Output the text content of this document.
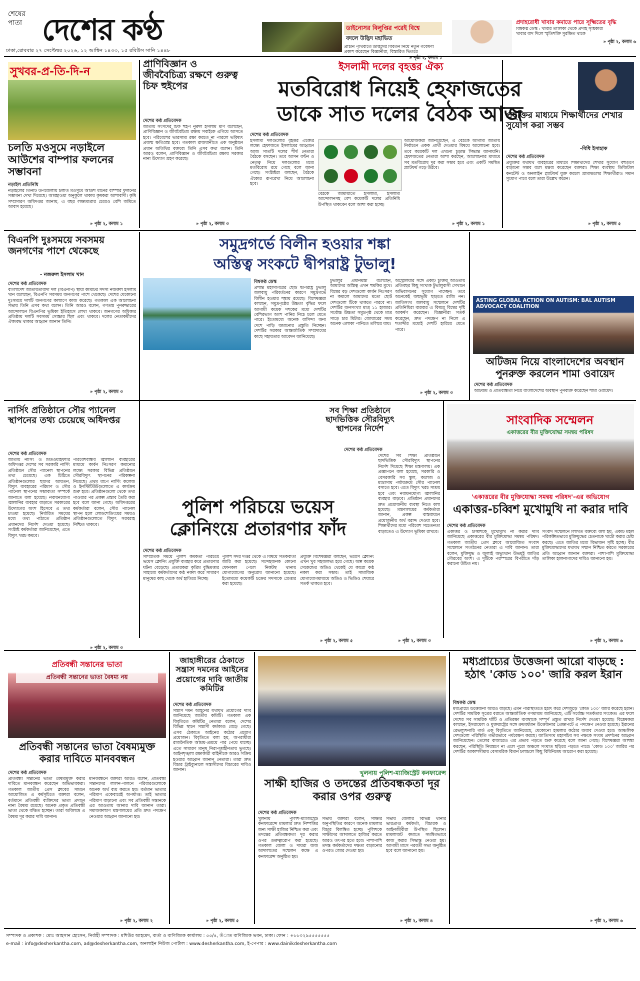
শেষের পাতা দেশের কণ্ঠ
ঢাকা,রোববার ২৭ সেপ্টেম্বর ২০২৬, ১২ আশ্বিন ১৪৩৩, ১৫ রবিউস সানি ১৪৪৮
ডাইনোসর বিলুপ্তির পরেই বিশ্বে
বদলে উদ্ভিদ মহাভিত
প্রাচীন পৃথিবীতে উদ্ভিদের বিবর্তন নিয়ে নতুন গবেষণা
প্রকাশ করেছেন বিজ্ঞানীরা, বিস্তারিত ভিতরে
» পৃষ্ঠা ২, কলাম ১
প্রদাহরোধী খাবার কমাতে পারে সূক্ষ্মিতের বৃদ্ধি
বিশ্বকণ্ঠ ডেস্ক : খাবার তালিকা থেকে প্রদাহ সৃষ্টিকারী
খাবার বাদ দিলে স্মৃতিশক্তি সুরক্ষিত থাকে
» পৃষ্ঠা ২, কলাম ৬
সুখবর-প্র-তি-দি-ন
চলতি মওসুমে নড়াইলে আউশের বাম্পার ফলনের সম্ভাবনা
নড়াইল প্রতিনিধি
নড়াইলের তিনটি উপজেলায় চলতি মওসুমে আউশ ধানের বাম্পার ফলনের সম্ভাবনা দেখা দিয়েছে। আবহাওয়া অনুকূলে থাকায় কৃষকরা আশাবাদী। কৃষি সম্প্রসারণ অধিদপ্তর জানায়, এ বছর লক্ষ্যমাত্রার চেয়েও বেশি জমিতে আবাদ হয়েছে।
» পৃষ্ঠা ২, কলাম ১
প্রাণিবিজ্ঞান ও জীববৈচিত্র্য রক্ষণে গুরুত্ব চিফ হুইপের
দেশের কণ্ঠ প্রতিবেদক
জাতীয় সংসদের চিফ হুইপ নুরুল ইসলাম মণি বলেছেন, প্রাণিবিজ্ঞান ও জীববৈচিত্র্য রক্ষায় সবাইকে এগিয়ে আসতে হবে। পরিবেশের ভারসাম্য রক্ষা করতে না পারলে ভবিষ্যৎ প্রজন্ম ক্ষতিগ্রস্ত হবে। গতকাল রাজধানীতে এক অনুষ্ঠানে প্রধান অতিথির বক্তব্যে তিনি এসব কথা বলেন। তিনি আরও বলেন, প্রাণিবিজ্ঞান ও জীববৈচিত্র্য রক্ষায় সরকার নানা উদ্যোগ গ্রহণ করেছে।
» পৃষ্ঠা ২, কলাম ৩
ইসলামী দলের বৃহত্তর ঐক্য
মতবিরোধ নিয়েই হেফাজতের
ডাকে সাত দলের বৈঠক আজ
দেশের কণ্ঠ প্রতিবেদক
ইসলামী দলগুলোর বৃহত্তর ঐক্যের লক্ষ্যে হেফাজতে ইসলামের আহ্বানে আজ সাতটি দলের শীর্ষ নেতারা বৈঠকে বসছেন। তবে আসন বণ্টন ও নেতৃত্ব নিয়ে দলগুলোর মধ্যে মতবিরোধ রয়ে গেছে বলে জানা গেছে। সংশ্লিষ্টরা বলছেন, বৈঠকে ঐক্যের রূপরেখা নিয়ে আলোচনা হবে।
বৈঠকে জামায়াতে ইসলামী, ইসলামী আন্দোলনসহ বেশ কয়েকটি দলের প্রতিনিধি উপস্থিত থাকবেন বলে আশা করা হচ্ছে।
আয়োজকরা জানিয়েছেন, এ বৈঠকে আগামী জাতীয় নির্বাচনে একক প্রার্থী দেওয়ার বিষয়ে আলোচনা হবে। তবে কয়েকটি দল এখনো চূড়ান্ত সিদ্ধান্ত জানায়নি। হেফাজতের নেতারা আশা করছেন, আলোচনার মাধ্যমে সব মতবিরোধ দূর করা সম্ভব হবে এবং একটি সমন্বিত প্ল্যাটফর্ম গড়ে উঠবে।
» পৃষ্ঠা ২, কলাম ১
প্রযুক্তির মাধ্যমে শিক্ষার্থীদের শেখার সুযোগ করা সম্ভব
-বিধি ইসাহাক
দেশের কণ্ঠ প্রতিবেদক
প্রযুক্তির যথাযথ ব্যবহারের মাধ্যমে শিক্ষার্থীদের শেখার সুযোগ বহুগুণে বাড়ানো সম্ভব বলে মন্তব্য করেছেন বক্তারা। শিক্ষা ব্যবস্থায় ডিজিটাল কনটেন্ট ও অনলাইন প্ল্যাটফর্ম যুক্ত করলে গ্রামাঞ্চলের শিক্ষার্থীরাও সমান সুযোগ পাবে বলে তারা উল্লেখ করেন।
» পৃষ্ঠা ২, কলাম ৫
বিএনপি দুঃসময়ে সবসময় জনগণের পাশে থেকেছে
- নজরুল ইসলাম খান
দেশের কণ্ঠ প্রতিবেদক
বাংলাদেশ জাতীয়তাবাদী দল (বিএনপি) স্থায়ী কমিটির সদস্য নজরুল ইসলাম খান বলেছেন, বিএনপি সবসময় জনগণের পাশে থেকেছে। দেশের যেকোনো দুঃসময়ে দলটি জনগণের কল্যাণে কাজ করেছে। গতকাল এক আলোচনা সভায় তিনি এসব কথা বলেন। তিনি আরও বলেন, গণতন্ত্র পুনরুদ্ধারের আন্দোলনে বিএনপির ভূমিকা ইতিহাসে লেখা থাকবে। জনগণের অধিকার প্রতিষ্ঠায় দলটি সবসময় সোচ্চার ছিল এবং থাকবে। দলের নেতাকর্মীদের ঐক্যবদ্ধ থাকার আহ্বান জানান তিনি।
» পৃষ্ঠা ২, কলাম ৩
সমুদ্রগর্ভে বিলীন হওয়ার শঙ্কা
অস্তিত্ব সংকটে দ্বীপরাষ্ট্র টুভালু!
বিশ্বকণ্ঠ ডেস্ক
প্রশান্ত মহাসাগরের ছোট দ্বীপরাষ্ট্র টুভালু জলবায়ু পরিবর্তনের কারণে সমুদ্রগর্ভে বিলীন হওয়ার শঙ্কায় রয়েছে। বিশেষজ্ঞরা বলছেন, সমুদ্রপৃষ্ঠের উচ্চতা বৃদ্ধির ফলে আগামী কয়েক দশকের মধ্যে দেশটির বেশিরভাগ অংশ পানির নিচে চলে যেতে পারে। ইতোমধ্যে অনেক বাসিন্দা অন্য দেশে পাড়ি জমানোর প্রস্তুতি নিচ্ছেন। দেশটির সরকার আন্তর্জাতিক সম্প্রদায়ের কাছে সহায়তার আবেদন জানিয়েছে।
টুভালুর প্রধানমন্ত্রী বলেছেন, আমাদের অস্তিত্ব এখন হুমকির মুখে। বিশ্বের বড় দেশগুলো কার্বন নিঃসরণ না কমালে আমাদের মতো ছোট দেশগুলো টিকে থাকতে পারবে না। দেশটির জনসংখ্যা মাত্র ১১ হাজার। সর্বোচ্চ উচ্চতা সমুদ্রপৃষ্ঠ থেকে মাত্র সাড়ে চার মিটার। জোয়ারের সময় অনেক এলাকা পানিতে তলিয়ে যায়।
অস্ট্রেলিয়ার সঙ্গে একটি চুক্তির আওতায় প্রতিবছর কিছু সংখ্যক টুভালুবাসী সেখানে অভিবাসনের সুযোগ পাচ্ছেন। তবে অনেকেই জন্মভূমি ছাড়তে রাজি নন। জাতিসংঘ জলবায়ু সম্মেলনে দেশটির প্রতিনিধিরা বারবার এ বিষয়ে বিশ্বের দৃষ্টি আকর্ষণ করেছেন। বিজ্ঞানীরা সতর্ক করেছেন, দ্রুত পদক্ষেপ না নিলে এ শতাব্দীর মধ্যেই দেশটি হারিয়ে যেতে পারে।
» পৃষ্ঠা ২, কলাম ৩
ASTING GLOBAL ACTION ON AUTISM: BAL AUTISM ADVOCACY COALITION
অটিজম নিয়ে বাংলাদেশের অবস্থান পুনরুক্ত করলেন শামা ওবায়েদ
দেশের কণ্ঠ প্রতিবেদক
অটিজম ও প্রতিবন্ধিতা নিয়ে বাংলাদেশের অবস্থান পুনর্ব্যক্ত করেছেন শামা ওবায়েদ।
নার্সিং প্রতিষ্ঠানে সৌর প্যানেল স্থাপনের তথ্য চেয়েছে অধিদপ্তর
দেশের কণ্ঠ প্রতিবেদক
জাতীয় নার্সিং ও মিডওয়াইফারি অধিদপ্তর দেশের সব সরকারি নার্সিং প্রতিষ্ঠানে সৌর প্যানেল স্থাপনের তথ্য চেয়েছে। এক চিঠিতে প্রতিষ্ঠানগুলোর ছাদের আয়তন, বিদ্যুৎ ব্যবহারের পরিমাণ ও সৌর প্যানেল স্থাপনের সম্ভাব্যতা সম্পর্কে জানাতে বলা হয়েছে। নবায়নযোগ্য জ্বালানির ব্যবহার বাড়াতে সরকারের উদ্যোগের অংশ হিসেবে এ তথ্য চাওয়া হয়েছে। নির্ধারিত সময়ের মধ্যে তথ্য পাঠাতে প্রতিষ্ঠান প্রধানদের নির্দেশ দেওয়া হয়েছে। সংশ্লিষ্ট কর্মকর্তারা জানিয়েছেন, এতে বিদ্যুৎ খরচ কমবে।
পরিবেশবান্ধব জ্বালানি ব্যবহারের মাধ্যমে কার্বন নিঃসরণ কমানোর লক্ষ্যে সরকার বিভিন্ন প্রতিষ্ঠানে সৌরবিদ্যুৎ স্থাপনের পরিকল্পনা নিয়েছে। প্রথম ধাপে নার্সিং কলেজ ও ইনস্টিটিউটগুলোতে এ কার্যক্রম শুরু হবে। প্রতিষ্ঠানগুলো থেকে তথ্য পাওয়ার পর প্রকল্প প্রস্তাব তৈরি করা হবে বলে জানা গেছে। অধিদপ্তরের কর্মকর্তারা বলেন, সৌর প্যানেল স্থাপন হলে লোডশেডিংয়ের সময়ও প্রতিষ্ঠানগুলোতে বিদ্যুৎ সরবরাহ নিশ্চিত থাকবে।
» পৃষ্ঠা ২, কলাম ৩
পুলিশ পরিচয়ে ভয়েস
ক্লোনিংয়ে প্রতারণার ফাঁদ
দেশের কণ্ঠ প্রতিবেদক
সাম্প্রতিক সময়ে পুলিশ কর্মকর্তা পরিচয়ে ভয়েস ক্লোনিং প্রযুক্তি ব্যবহার করে প্রতারণার ঘটনা বেড়েছে। প্রতারকরা কৃত্রিম বুদ্ধিমত্তার সাহায্যে কর্মকর্তাদের কণ্ঠ নকল করে সাধারণ মানুষের কাছ থেকে অর্থ হাতিয়ে নিচ্ছে।
পুলিশ সদর দপ্তর থেকে এ বিষয়ে সতর্কবার্তা জারি করা হয়েছে। সন্দেহজনক কোনো ফোনকল পেলে নিকটস্থ থানায় যোগাযোগের অনুরোধ জানানো হয়েছে। ইতোমধ্যে কয়েকটি চক্রের সদস্যকে গ্রেপ্তার করা হয়েছে।
প্রযুক্তি বিশেষজ্ঞরা বলছেন, ভয়েস ক্লোনিং এখন খুব সহজলভ্য হয়ে গেছে। অল্প কয়েক সেকেন্ডের অডিও থেকেই যে কারো কণ্ঠ নকল করা সম্ভব। তাই সামাজিক যোগাযোগমাধ্যমে অডিও ও ভিডিও শেয়ারে সতর্ক থাকতে হবে।
» পৃষ্ঠা ২, কলাম ৫
সব শিক্ষা প্রতিষ্ঠানে ছাদভিত্তিক সৌরবিদ্যুৎ স্থাপনের নির্দেশ
দেশের কণ্ঠ প্রতিবেদক
দেশের সব শিক্ষা প্রতিষ্ঠানে ছাদভিত্তিক সৌরবিদ্যুৎ স্থাপনের নির্দেশ দিয়েছে শিক্ষা মন্ত্রণালয়। এক প্রজ্ঞাপনে বলা হয়েছে, সরকারি ও বেসরকারি সব স্কুল, কলেজ ও মাদ্রাসায় পর্যায়ক্রমে সৌর প্যানেল বসাতে হবে। এতে বিদ্যুৎ খরচ সাশ্রয় হবে এবং নবায়নযোগ্য জ্বালানির ব্যবহার বাড়বে। প্রতিষ্ঠান প্রধানদের দ্রুত প্রয়োজনীয় ব্যবস্থা নিতে বলা হয়েছে। মন্ত্রণালয়ের কর্মকর্তারা জানান, প্রকল্প বাস্তবায়নে প্রয়োজনীয় অর্থ বরাদ্দ দেওয়া হবে। শিক্ষার্থীদের মধ্যে পরিবেশ সচেতনতা বাড়াতেও এ উদ্যোগ ভূমিকা রাখবে।
» পৃষ্ঠা ২, কলাম ৩
সাংবাদিক সম্মেলন
একাত্তরের বীর মুক্তিযোদ্ধা সমন্বয় পরিষদ
'একাত্তরের বীর মুক্তিযোদ্ধা সমন্বয় পরিষদ'-এর অভিযোগ
একাত্তর-চব্বিশ মুখোমুখি না করার দাবি
দেশের কণ্ঠ প্রতিবেদক
একাত্তর ও চব্বিশকে মুখোমুখি না করার দাবি জানিয়েছে একাত্তরের বীর মুক্তিযোদ্ধা সমন্বয় পরিষদ। গতকাল জাতীয় প্রেস ক্লাবে আয়োজিত সংবাদ সম্মেলনে সংগঠনের নেতারা এ দাবি জানান। তারা বলেন, মুক্তিযুদ্ধ ও জুলাই অভ্যুত্থান উভয়ই জাতির গৌরবের অংশ। এ দুটিকে পরস্পরের বিপরীতে দাঁড় করানো উচিত নয়।
সংবাদ সম্মেলনে লিখিত বক্তব্যে বলা হয়, একটি মহল পরিকল্পিতভাবে মুক্তিযুদ্ধের চেতনাকে খাটো করার চেষ্টা করছে। এতে জাতির মধ্যে বিভাজন সৃষ্টি হচ্ছে। বীর মুক্তিযোদ্ধাদের যথাযথ সম্মান নিশ্চিত করতে সরকারের প্রতি আহ্বান জানান বক্তারা। পাশাপাশি মুক্তিযোদ্ধা তালিকা হালনাগাদের দাবিও জানানো হয়।
» পৃষ্ঠা ২, কলাম ৬
প্রতিবন্ধী সন্তানের ভাতা
প্রতিবন্ধী সন্তানের ভাতা বৈষম্য নয়
প্রতিবন্ধী সন্তানের ভাতা বৈষম্যমুক্ত করার দাবিতে মানববন্ধন
দেশের কণ্ঠ প্রতিবেদক
প্রতিবন্ধী সন্তানের ভাতা বৈষম্যমুক্ত করার দাবিতে মানববন্ধন করেছেন অভিভাবকরা। গতকাল জাতীয় প্রেস ক্লাবের সামনে আয়োজিত এ কর্মসূচিতে বক্তারা বলেন, বর্তমানে প্রতিবন্ধী ব্যক্তিদের ভাতা প্রদানে নানা বৈষম্য রয়েছে। অনেক প্রকৃত প্রতিবন্ধী ভাতা থেকে বঞ্চিত হচ্ছেন। তারা অবিলম্বে এ বৈষম্য দূর করার দাবি জানান।
মানববন্ধনে বক্তারা আরও বলেন, প্রতিবন্ধী সন্তানদের লালন-পালনে পরিবারগুলোকে অনেক অর্থ ব্যয় করতে হয়। বর্তমান ভাতার পরিমাণ একেবারেই অপর্যাপ্ত। তাই ভাতার পরিমাণ বাড়ানো এবং সব প্রতিবন্ধী সন্তানকে এর আওতায় আনার দাবি জানান তারা। সমাজকল্যাণ মন্ত্রণালয়ের প্রতি দ্রুত পদক্ষেপ নেওয়ার আহ্বান জানানো হয়।
» পৃষ্ঠা ২, কলাম ২
জাহাঙ্গীরের ঠেকাতে সন্ত্রাস দমনের আইনের প্রয়োগের দাবি জাতীয় কমিটির
দেশের কণ্ঠ প্রতিবেদক
সন্ত্রাস দমন আইনের যথাযথ প্রয়োগের দাবি জানিয়েছে জাতীয় কমিটি। গতকাল এক বিবৃতিতে কমিটির নেতারা বলেন, দেশের বিভিন্ন স্থানে সন্ত্রাসী কর্মকাণ্ড বেড়ে গেছে। এসব ঠেকাতে আইনের কঠোর প্রয়োগ প্রয়োজন। বিবৃতিতে বলা হয়, অপরাধীরা রাজনৈতিক আশ্রয়-প্রশ্রয়ে পার পেয়ে যাচ্ছে। এতে সাধারণ মানুষ নিরাপত্তাহীনতায় ভুগছে। আইনশৃঙ্খলা রক্ষাকারী বাহিনীকে আরও সক্রিয় হওয়ার আহ্বান জানান নেতারা। তারা দ্রুত বিচার ট্রাইব্যুনালে সন্ত্রাসীদের বিচারের দাবিও জানান।
» পৃষ্ঠা ২, কলাম ৫
খুলনায় পুলিশ-ম্যাজিস্ট্রেট কনফারেন্স
সাক্ষী হাজির ও তদন্তের প্রতিবন্ধকতা দূর করার ওপর গুরুত্ব
দেশের কণ্ঠ প্রতিবেদক
খুলনায় পুলিশ-ম্যাজিস্ট্রেট কনফারেন্সে মামলার দ্রুত নিষ্পত্তির জন্য সাক্ষী হাজির নিশ্চিত করা এবং তদন্তের প্রতিবন্ধকতা দূর করার ওপর গুরুত্বারোপ করা হয়েছে। গতকাল জেলা ও দায়রা জজ আদালতের সম্মেলন কক্ষে এ কনফারেন্স অনুষ্ঠিত হয়।
সভায় বক্তারা বলেন, সাক্ষীর অনুপস্থিতির কারণে অনেক মামলার বিচার বিলম্বিত হচ্ছে। পুলিশকে সাক্ষীদের আদালতে হাজির করতে আরও তৎপর হতে হবে। পাশাপাশি তদন্ত কর্মকর্তাদের দক্ষতা বাড়ানোর ওপরও জোর দেওয়া হয়।
সভায় জেলার বিভিন্ন থানার ভারপ্রাপ্ত কর্মকর্তা, বিচারক ও আইনজীবীরা উপস্থিত ছিলেন। মামলাজট কমাতে সমন্বিতভাবে কাজ করার সিদ্ধান্ত নেওয়া হয়। আগামী মাসে পরবর্তী সভা অনুষ্ঠিত হবে বলে জানানো হয়।
» পৃষ্ঠা ২, কলাম ৪
মধ্যপ্রাচ্যের উত্তেজনা আরো বাড়ছে : হঠাৎ 'কোড ১০০' জারি করল ইরান
বিশ্বকণ্ঠ ডেস্ক
মধ্যপ্রাচ্যে উত্তেজনা আরও বাড়ছে। এমন পরিস্থিতিতে হঠাৎ করে দেশজুড়ে 'কোড ১০০' জারি করেছে ইরান। দেশটির সামরিক সূত্রের বরাতে আন্তর্জাতিক গণমাধ্যম জানিয়েছে, এটি সর্বোচ্চ সতর্কতার সংকেত। এর ফলে দেশের সব সামরিক ঘাঁটি ও প্রতিরক্ষা ব্যবস্থাকে সম্পূর্ণ প্রস্তুত রাখার নির্দেশ দেওয়া হয়েছে। বিশ্লেষকরা বলছেন, ইসরায়েল ও যুক্তরাষ্ট্রের সঙ্গে ক্রমবর্ধমান উত্তেজনার প্রেক্ষাপটে এ পদক্ষেপ নেওয়া হয়েছে। ইরানের রেভল্যুশনারি গার্ড এক বিবৃতিতে জানিয়েছে, যেকোনো হামলার কঠোর জবাব দেওয়া হবে। আঞ্চলিক দেশগুলো পরিস্থিতি গভীরভাবে পর্যবেক্ষণ করছে। জাতিসংঘ মহাসচিব সব পক্ষকে সংযম প্রদর্শনের আহ্বান জানিয়েছেন। তেলের বাজারেও এর প্রভাব পড়তে শুরু করেছে বলে জানা গেছে। বিশেষজ্ঞরা আশঙ্কা করছেন, পরিস্থিতি নিয়ন্ত্রণে না এলে পুরো অঞ্চলে সংঘাত ছড়িয়ে পড়তে পারে। 'কোড ১০০' জারির পর দেশটির আকাশসীমায় বেসামরিক বিমান চলাচলে কিছু বিধিনিষেধ আরোপ করা হয়েছে।
» পৃষ্ঠা ২, কলাম ৬
সম্পাদক ও প্রকাশক : মোঃ আহসান হোসেন, নির্বাহী সম্পাদক : মশিউর আহমেদ, বার্তা ও বাণিজ্যিক কার্যালয় : ৫৫/৪, তঁাত বাণিজ্যিক ভবন, ঢাকা। ফোন : +৮৮০২৯৫৫৫৫৫৫৫
e-mail : info@desherkantha.com, ad@desherkantha.com, অনলাইন নিউজ পোর্টাল : www.desherkantha.com, ই-পেপার : www.dainikdesherkantha.com
